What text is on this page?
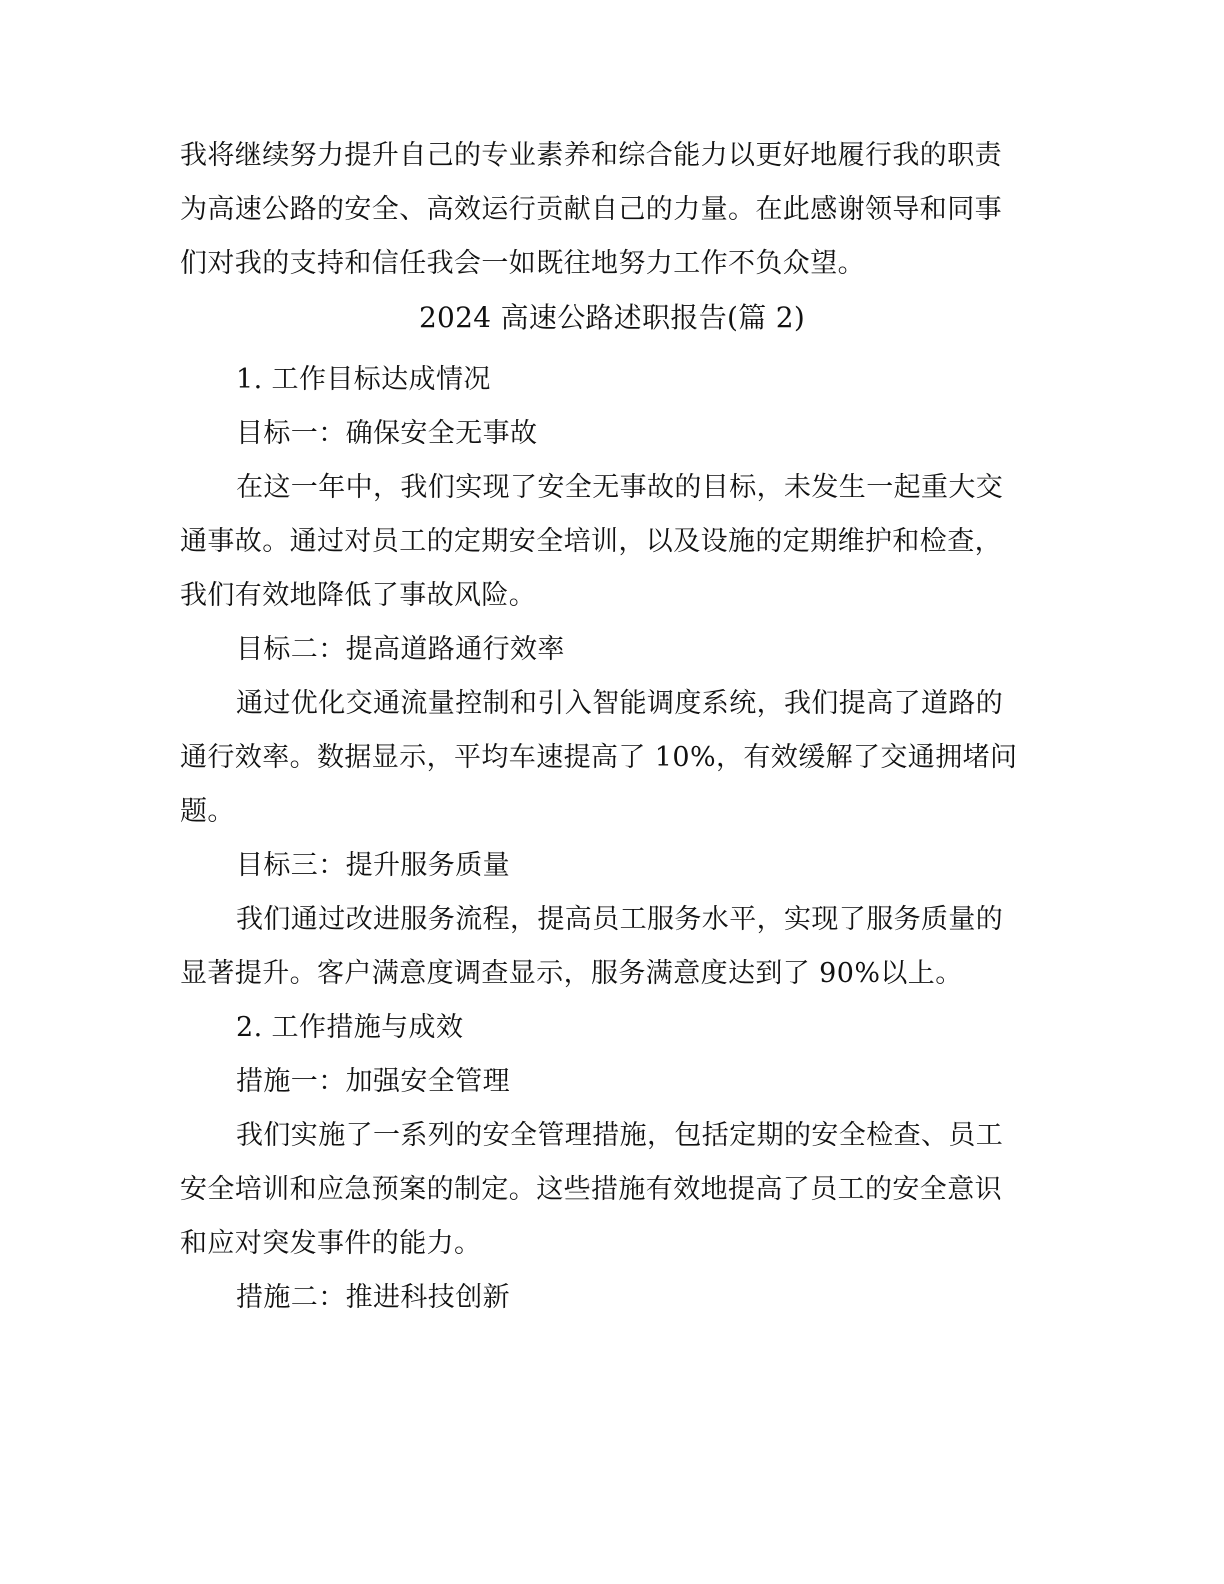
我将继续努力提升自己的专业素养和综合能力以更好地履行我的职责
为高速公路的安全、高效运行贡献自己的力量。在此感谢领导和同事
们对我的支持和信任我会一如既往地努力工作不负众望。
2024 高速公路述职报告(篇 2)
1. 工作目标达成情况
目标一：确保安全无事故
在这一年中，我们实现了安全无事故的目标，未发生一起重大交
通事故。通过对员工的定期安全培训，以及设施的定期维护和检查，
我们有效地降低了事故风险。
目标二：提高道路通行效率
通过优化交通流量控制和引入智能调度系统，我们提高了道路的
通行效率。数据显示，平均车速提高了 10%，有效缓解了交通拥堵问
题。
目标三：提升服务质量
我们通过改进服务流程，提高员工服务水平，实现了服务质量的
显著提升。客户满意度调查显示，服务满意度达到了 90%以上。
2. 工作措施与成效
措施一：加强安全管理
我们实施了一系列的安全管理措施，包括定期的安全检查、员工
安全培训和应急预案的制定。这些措施有效地提高了员工的安全意识
和应对突发事件的能力。
措施二：推进科技创新
